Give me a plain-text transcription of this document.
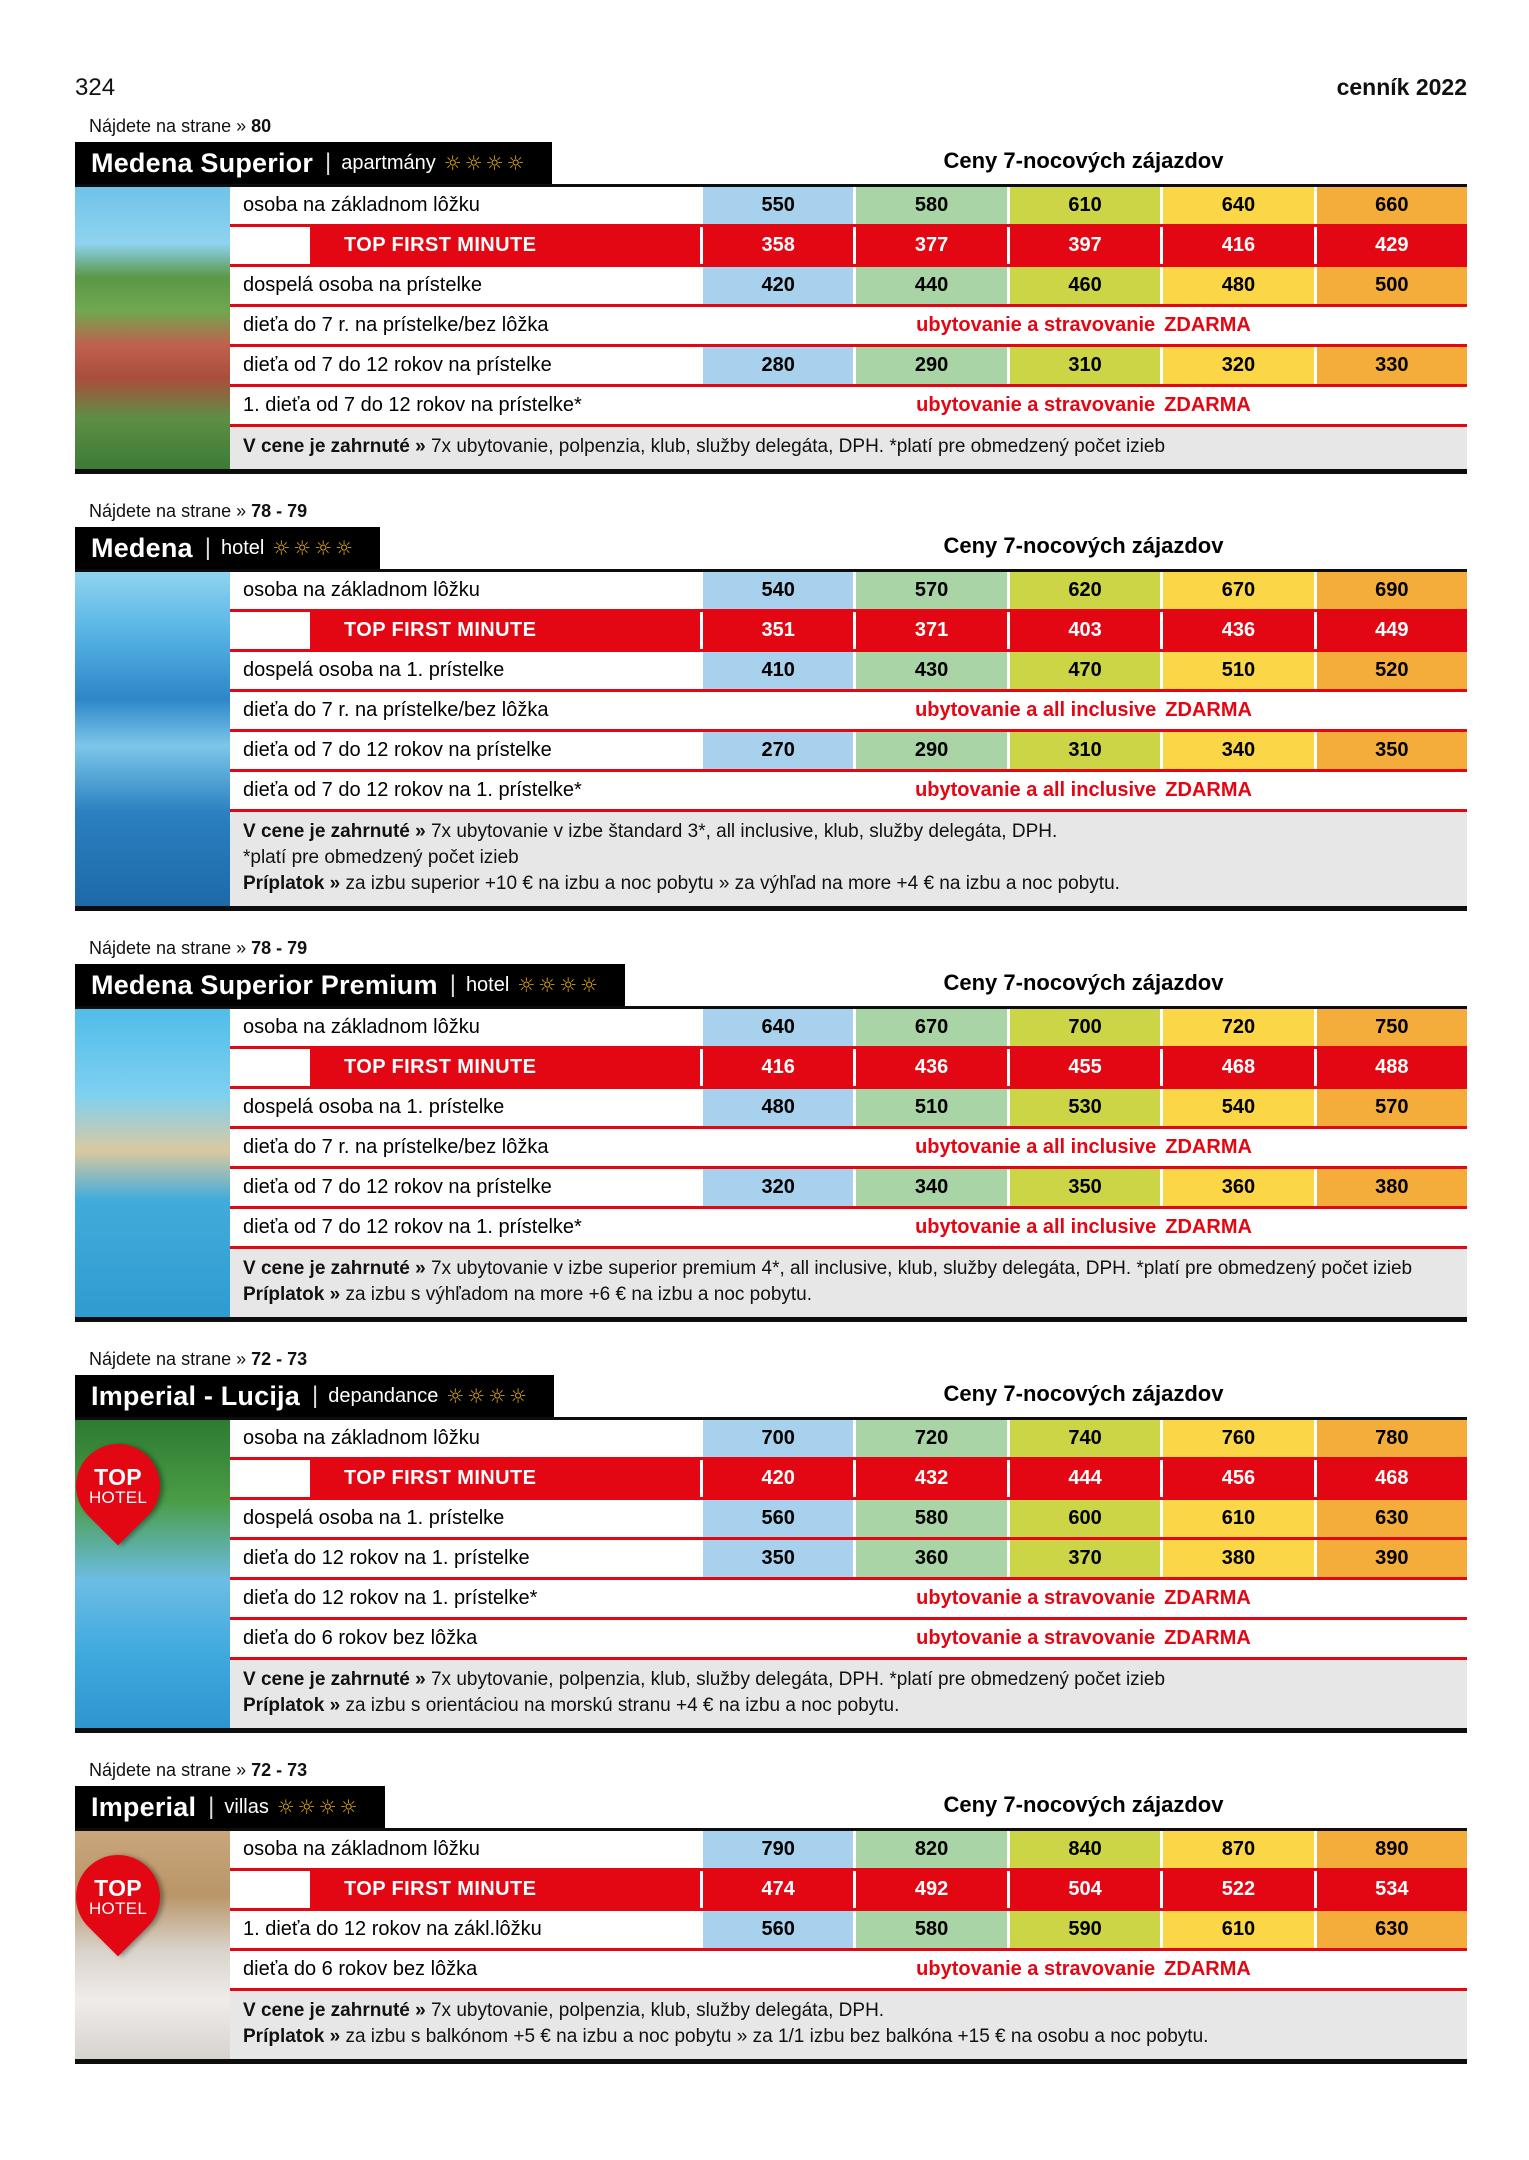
324	cenník 2022
Nájdete na strane » 80
Medena Superior | apartmány ☼☼☼☼	Ceny 7-nocových zájazdov
osoba na základnom lôžku	550	580	610	640	660
TOP FIRST MINUTE	358	377	397	416	429
dospelá osoba na prístelke	420	440	460	480	500
dieťa do 7 r. na prístelke/bez lôžka	ubytovanie a stravovanie ZDARMA
dieťa od 7 do 12 rokov na prístelke	280	290	310	320	330
1. dieťa od 7 do 12 rokov na prístelke*	ubytovanie a stravovanie ZDARMA
V cene je zahrnuté » 7x ubytovanie, polpenzia, klub, služby delegáta, DPH. *platí pre obmedzený počet izieb
Nájdete na strane » 78 - 79
Medena | hotel ☼☼☼☼	Ceny 7-nocových zájazdov
osoba na základnom lôžku	540	570	620	670	690
TOP FIRST MINUTE	351	371	403	436	449
dospelá osoba na 1. prístelke	410	430	470	510	520
dieťa do 7 r. na prístelke/bez lôžka	ubytovanie a all inclusive ZDARMA
dieťa od 7 do 12 rokov na prístelke	270	290	310	340	350
dieťa od 7 do 12 rokov na 1. prístelke*	ubytovanie a all inclusive ZDARMA
V cene je zahrnuté » 7x ubytovanie v izbe štandard 3*, all inclusive, klub, služby delegáta, DPH.
*platí pre obmedzený počet izieb
Príplatok » za izbu superior +10 € na izbu a noc pobytu » za výhľad na more +4 € na izbu a noc pobytu.
Nájdete na strane » 78 - 79
Medena Superior Premium | hotel ☼☼☼☼	Ceny 7-nocových zájazdov
osoba na základnom lôžku	640	670	700	720	750
TOP FIRST MINUTE	416	436	455	468	488
dospelá osoba na 1. prístelke	480	510	530	540	570
dieťa do 7 r. na prístelke/bez lôžka	ubytovanie a all inclusive ZDARMA
dieťa od 7 do 12 rokov na prístelke	320	340	350	360	380
dieťa od 7 do 12 rokov na 1. prístelke*	ubytovanie a all inclusive ZDARMA
V cene je zahrnuté » 7x ubytovanie v izbe superior premium 4*, all inclusive, klub, služby delegáta, DPH. *platí pre obmedzený počet izieb
Príplatok » za izbu s výhľadom na more +6 € na izbu a noc pobytu.
Nájdete na strane » 72 - 73
Imperial - Lucija | depandance ☼☼☼☼	Ceny 7-nocových zájazdov
TOP
HOTEL
osoba na základnom lôžku	700	720	740	760	780
TOP FIRST MINUTE	420	432	444	456	468
dospelá osoba na 1. prístelke	560	580	600	610	630
dieťa do 12 rokov na 1. prístelke	350	360	370	380	390
dieťa do 12 rokov na 1. prístelke*	ubytovanie a stravovanie ZDARMA
dieťa do 6 rokov bez lôžka	ubytovanie a stravovanie ZDARMA
V cene je zahrnuté » 7x ubytovanie, polpenzia, klub, služby delegáta, DPH. *platí pre obmedzený počet izieb
Príplatok » za izbu s orientáciou na morskú stranu +4 € na izbu a noc pobytu.
Nájdete na strane » 72 - 73
Imperial | villas ☼☼☼☼	Ceny 7-nocových zájazdov
TOP
HOTEL
osoba na základnom lôžku	790	820	840	870	890
TOP FIRST MINUTE	474	492	504	522	534
1. dieťa do 12 rokov na zákl.lôžku	560	580	590	610	630
dieťa do 6 rokov bez lôžka	ubytovanie a stravovanie ZDARMA
V cene je zahrnuté » 7x ubytovanie, polpenzia, klub, služby delegáta, DPH.
Príplatok » za izbu s balkónom +5 € na izbu a noc pobytu » za 1/1 izbu bez balkóna +15 € na osobu a noc pobytu.
